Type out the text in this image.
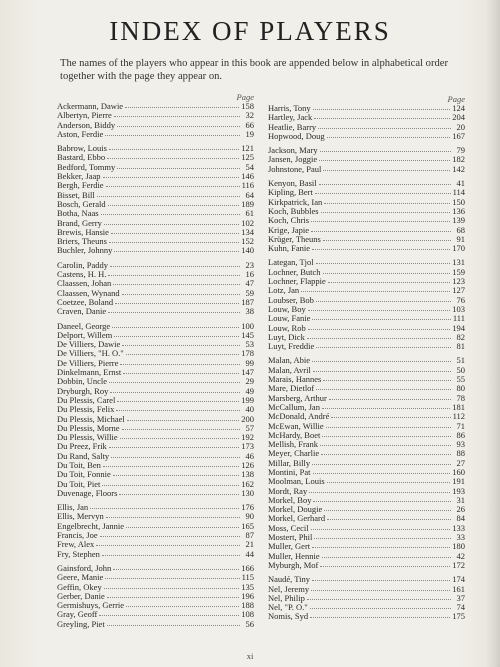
INDEX OF PLAYERS

The names of the players who appear in this book are appended below in alphabetical order together with the page they appear on.

Page
Ackermann, Dawie	158
Albertyn, Pierre	32
Anderson, Biddy	66
Aston, Ferdie	19
Babrow, Louis	121
Bastard, Ebbo	125
Bedford, Tommy	54
Bekker, Jaap	146
Bergh, Ferdie	116
Bisset, Bill	64
Bosch, Gerald	189
Botha, Naas	61
Brand, Gerry	102
Brewis, Hansie	134
Briers, Theuns	152
Buchler, Johnny	140
Carolin, Paddy	23
Castens, H. H.	16
Claassen, Johan	47
Claassen, Wynand	59
Coetzee, Boland	187
Craven, Danie	38
Daneel, George	100
Delport, Willem	145
De Villiers, Dawie	53
De Villiers, "H. O."	178
De Villiers, Pierre	99
Dinkelmann, Ernst	147
Dobbin, Uncle	29
Dryburgh, Roy	49
Du Plessis, Carel	199
Du Plessis, Felix	40
Du Plessis, Michael	200
Du Plessis, Morne	57
Du Plessis, Willie	192
Du Preez, Frik	173
Du Rand, Salty	46
Du Toit, Ben	126
Du Toit, Fonnie	138
Du Toit, Piet	162
Duvenage, Floors	130
Ellis, Jan	176
Ellis, Mervyn	90
Engelbrecht, Jannie	165
Francis, Joe	87
Frew, Alex	21
Fry, Stephen	44
Gainsford, John	166
Geere, Manie	115
Geffin, Okey	135
Gerber, Danie	196
Germishuys, Gerrie	188
Gray, Geoff	108
Greyling, Piet	56
Page
Harris, Tony	124
Hartley, Jack	204
Heatlie, Barry	20
Hopwood, Doug	167
Jackson, Mary	79
Jansen, Joggie	182
Johnstone, Paul	142
Kenyon, Basil	41
Kipling, Bert	114
Kirkpatrick, Ian	150
Koch, Bubbles	136
Koch, Chris	139
Krige, Japie	68
Krüger, Theuns	91
Kuhn, Fanie	170
Lategan, Tjol	131
Lochner, Butch	159
Lochner, Flappie	123
Lotz, Jan	127
Loubser, Bob	76
Louw, Boy	103
Louw, Fanie	111
Louw, Rob	194
Luyt, Dick	82
Luyt, Freddie	81
Malan, Abie	51
Malan, Avril	50
Marais, Hannes	55
Mare, Dietlof	80
Marsberg, Arthur	78
McCallum, Jan	181
McDonald, André	112
McEwan, Willie	71
McHardy, Boet	86
Mellish, Frank	93
Meyer, Charlie	88
Millar, Billy	27
Montini, Pat	160
Moolman, Louis	191
Mordt, Ray	193
Morkel, Boy	31
Morkel, Dougie	26
Morkel, Gerhard	84
Moss, Cecil	133
Mostert, Phil	33
Muller, Gert	180
Muller, Hennie	42
Myburgh, Mof	172
Naudé, Tiny	174
Nel, Jeremy	161
Nel, Philip	37
Nel, "P. O."	74
Nomis, Syd	175
xi
